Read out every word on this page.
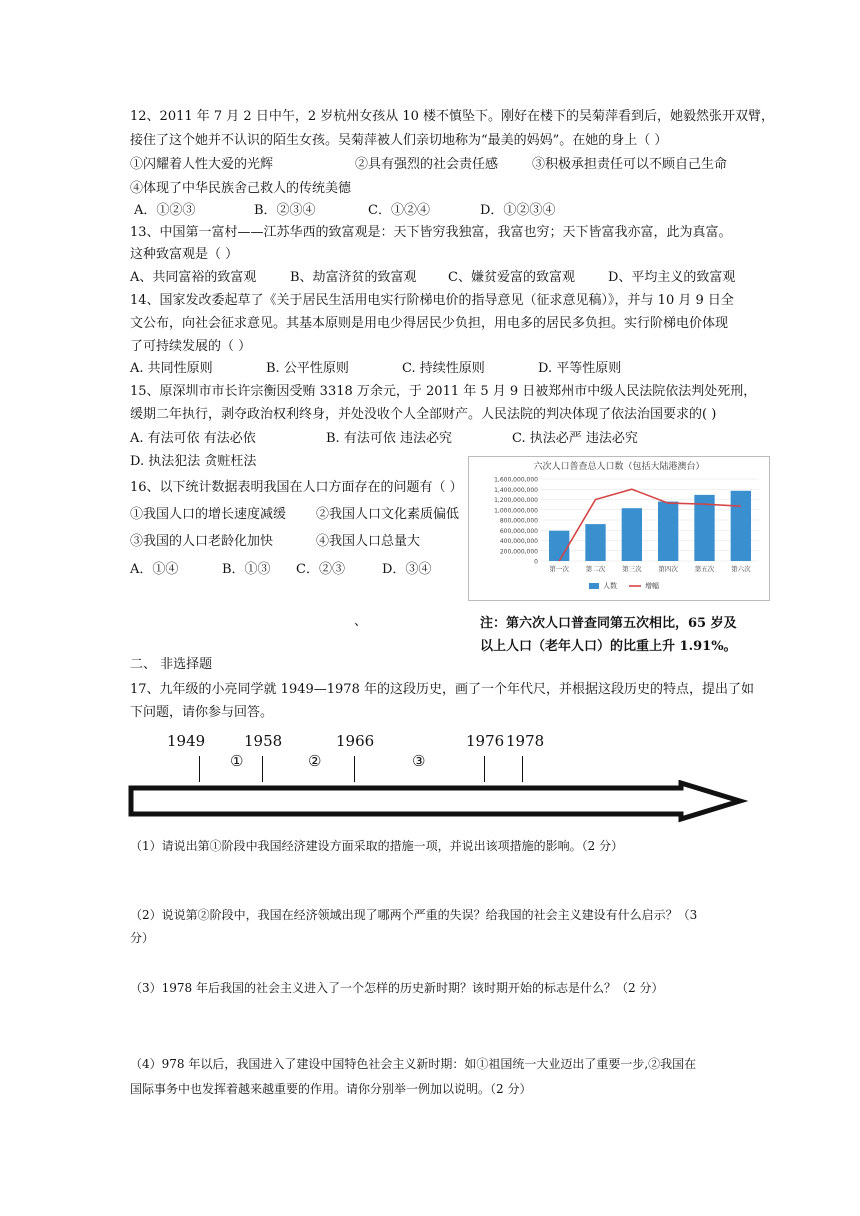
12、2011 年 7 月 2 日中午，2 岁杭州女孩从 10 楼不慎坠下。刚好在楼下的吴菊萍看到后，她毅然张开双臂，
接住了这个她并不认识的陌生女孩。吴菊萍被人们亲切地称为“最美的妈妈”。在她的身上（ ）
①闪耀着人性大爱的光辉	②具有强烈的社会责任感	③积极承担责任可以不顾自己生命
④体现了中华民族舍己救人的传统美德
A．①②③	B．②③④	C．①②④	D．①②③④
13、中国第一富村——江苏华西的致富观是：天下皆穷我独富，我富也穷；天下皆富我亦富，此为真富。
这种致富观是（ ）
A、共同富裕的致富观	B、劫富济贫的致富观 C、嫌贫爱富的致富观	D、平均主义的致富观
14、国家发改委起草了《关于居民生活用电实行阶梯电价的指导意见（征求意见稿）》，并与 10 月 9 日全
文公布，向社会征求意见。其基本原则是用电少得居民少负担，用电多的居民多负担。实行阶梯电价体现
了可持续发展的（ ）
A. 共同性原则	B. 公平性原则	C. 持续性原则	D. 平等性原则
15、原深圳市市长许宗衡因受贿 3318 万余元，于 2011 年 5 月 9 日被郑州市中级人民法院依法判处死刑，
缓期二年执行，剥夺政治权利终身，并处没收个人全部财产。人民法院的判决体现了依法治国要求的( )
A. 有法可依 有法必依	B. 有法可依 违法必究	C. 执法必严 违法必究
D. 执法犯法 贪赃枉法
16、以下统计数据表明我国在人口方面存在的问题有（ ）
①我国人口的增长速度减缓 ②我国人口文化素质偏低
③我国的人口老龄化加快	④我国人口总量大
A．①④	B．①③ C．②③	D．③④
六次人口普查总人口数（包括大陆港澳台）
1,600,000,000
1,400,000,000
1,200,000,000
1,000,000,000
800,000,000
600,000,000
400,000,000
200,000,000
0
第一次	第二次	第三次	第四次	第五次	第六次
人数	增幅
、	注：第六次人口普查同第五次相比，65 岁及
以上人口（老年人口）的比重上升 1.91%。
二、 非选择题
17、九年级的小亮同学就 1949—1978 年的这段历史，画了一个年代尺，并根据这段历史的特点，提出了如
下问题，请你参与回答。
1949	1958	1966	1976 1978
①	②	③
（1）请说出第①阶段中我国经济建设方面采取的措施一项，并说出该项措施的影响。（2 分）
（2）说说第②阶段中，我国在经济领域出现了哪两个严重的失误？给我国的社会主义建设有什么启示？（3
分）
（3）1978 年后我国的社会主义进入了一个怎样的历史新时期？该时期开始的标志是什么？（2 分）
（4）978 年以后，我国进入了建设中国特色社会主义新时期：如①祖国统一大业迈出了重要一步,②我国在
国际事务中也发挥着越来越重要的作用。请你分别举一例加以说明。（2 分）
